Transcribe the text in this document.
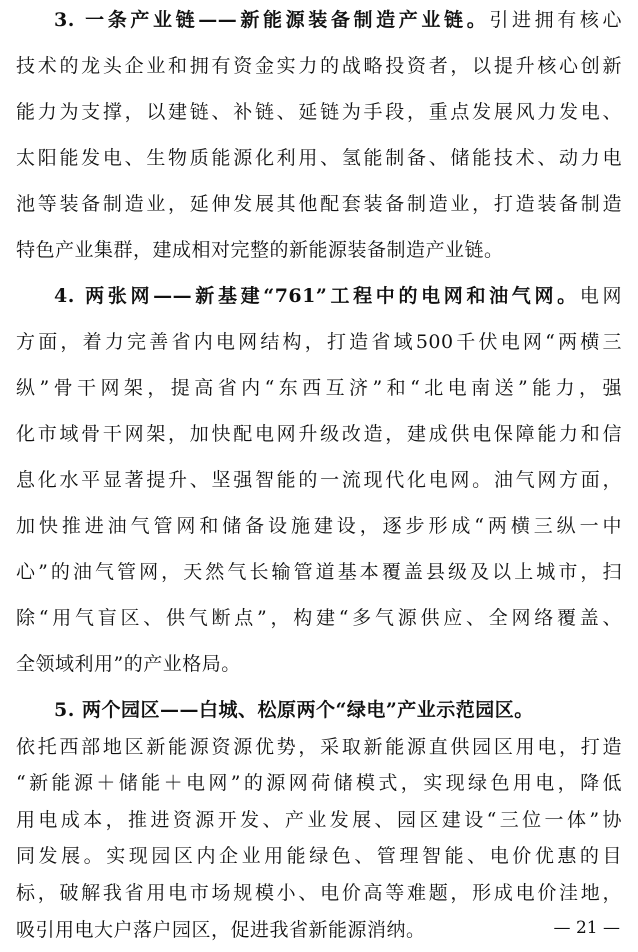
3. 一条产业链——新能源装备制造产业链。引进拥有核心
技术的龙头企业和拥有资金实力的战略投资者，以提升核心创新
能力为支撑，以建链、补链、延链为手段，重点发展风力发电、
太阳能发电、生物质能源化利用、氢能制备、储能技术、动力电
池等装备制造业，延伸发展其他配套装备制造业，打造装备制造
特色产业集群，建成相对完整的新能源装备制造产业链。
4. 两张网——新基建“761”工程中的电网和油气网。电网
方面，着力完善省内电网结构，打造省域500千伏电网“两横三
纵”骨干网架，提高省内“东西互济”和“北电南送”能力，强
化市域骨干网架，加快配电网升级改造，建成供电保障能力和信
息化水平显著提升、坚强智能的一流现代化电网。油气网方面，
加快推进油气管网和储备设施建设，逐步形成“两横三纵一中
心”的油气管网，天然气长输管道基本覆盖县级及以上城市，扫
除“用气盲区、供气断点”，构建“多气源供应、全网络覆盖、
全领域利用”的产业格局。
5. 两个园区——白城、松原两个“绿电”产业示范园区。
依托西部地区新能源资源优势，采取新能源直供园区用电，打造
“新能源＋储能＋电网”的源网荷储模式，实现绿色用电，降低
用电成本，推进资源开发、产业发展、园区建设“三位一体”协
同发展。实现园区内企业用能绿色、管理智能、电价优惠的目
标，破解我省用电市场规模小、电价高等难题，形成电价洼地，
吸引用电大户落户园区，促进我省新能源消纳。	— 21 —
